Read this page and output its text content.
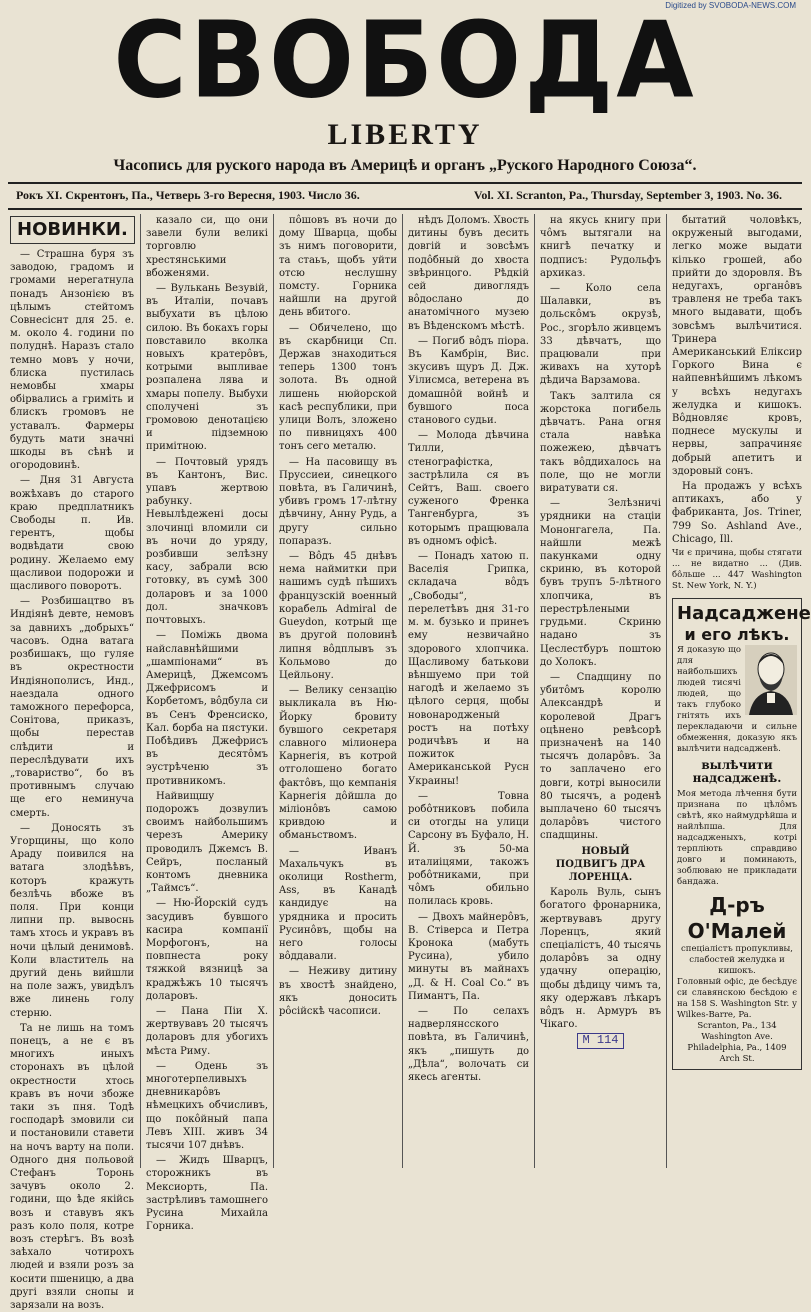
Digitized by SVOBODA-NEWS.COM
СВОБОДА
LIBERTY
Часопись для руского народа въ Америцѣ и органъ „Руского Народного Союза“.
Рокъ XI. Скрентонъ, Па., Четверь 3-го Вересня, 1903. Число 36.	Vol. XI. Scranton, Pa., Thursday, September 3, 1903. No. 36.
НОВИНКИ.

— Страшна буря зъ заводою, градомъ и громами нерегатнула понадъ Анзонією въ цѣлымъ стейтомъ Совнесіснт для 25. е. м. около 4. години по полуднѣ. Наразъ стало темно мовъ у ночи, блиска пустилась немовбы хмары обірвались а гриміть и блискъ громовъ не уставалъ. Фармеры будуть мати значні шкоды въ сѣнѣ и огородовинѣ.

— Дня 31 Августа вожѣхавъ до старого краю предплатникъ Свободы п. Ив. герентъ, щобы водвѣдати свою родину. Желаемо ему щасливои подорожи и щасливого поворотъ.

— Розбишацтво въ Индіянѣ девте, немовъ за давнихъ „добрыхъ“ часовъ. Одна ватага розбишакъ, що гуляе въ окрестности Индіянополисъ, Инд., наездала одного таможного перефорса, Сонітова, приказъ, щобы перестав слѣдити и переслѣдувати ихъ „товариство“, бо въ противнымъ случаю ще его неминуча смерть.

— Доносять зъ Угорщины, що коло Араду поивился на ватага злодѣѣвъ, которъ кражуть безлѣчь вбоже въ поля. При конци липни пр. вывоснь тамъ хтось и укравъ въ ночи цѣлый денимовѣ. Коли властитель на другий день вийшли на поле зажъ, увидѣлъ вже линень голу стерню.

Та не лишь на томъ понецъ, а не є въ многихъ иныхъ сторонахъ въ цѣлой окрестности хтось кравъ въ ночи збоже таки зъ пня. Тодѣ господарѣ змовили си и постановили ставети на ночъ варту на поли. Одного дня польовой Стефанъ Торонь зачувъ около 2. години, що ѣде якійсь возъ и ставувъ якъ разъ коло поля, котре возъ стерѣгъ. Въ возѣ заѣхало чотирохъ людей и взяли розъ за косити пшеницю, а два другі взяли снопы и зарязали на возъ.

казало си, що они завели були великі торговлю хрестянськими вбоженями.

— Вулькань Везувій, въ Италіи, почавъ выбухати въ цѣлою силою. Въ бокахъ горы повставило вколка новыхъ кратерôвъ, котрыми выпливае розпалена лява и хмары попелу. Выбухи сполучені зъ громовою денотацією и підземною примітною.

— Почтовый урядъ въ Кантонъ, Вис. упавъ жертвою рабунку. Невылѣдежені досы злочинці вломили си въ ночи до уряду, розбивши зелѣзну касу, забрали всю готовку, въ сумѣ 300 доларовъ и за 1000 дол. значковъ почтовыхъ.

— Поміжь двома найславнѣйшими „шампіонами“ въ Америцѣ, Джемсомъ Джефрисомъ и Корбетомъ, вôдбула си въ Сенъ Френсиско, Кал. борба на пястуки. Побѣдивъ Джефрисъ въ десятôмъ эустрѣченю зъ противникомъ.

Найвищшу подорожъ дозвулиъ своимъ найбольшимъ черезъ Америку проводилъ Джемсъ В. Сейръ, посланый контомъ дневника „Таймсъ“.

— Ню-Йорскій судъ засудивъ бувшого касира компанії Морфогонъ, на повпнеста року тяжкой вязницѣ за краджѣжъ 10 тысячъ доларовъ.

— Пана Піи X. жертвувавъ 20 тысячъ доларовъ для убогихъ мѣста Риму.

— Одень зъ многотерпеливыхъ дневникарôвъ нѣмецкихъ обчисливъ, що покôйный папа Левъ XIII. живъ 34 тысячи 107 днѣвъ.

— Жидъ Шварцъ, сторожникъ въ Мексиорть, Па. застрѣливъ тамошнего Русина Михайла Горника.

пôшовъ въ ночи до дому Шварца, щобы зъ нимъ поговорити, та стаьъ, щобъ уйти отсю неслушну помсту. Горника найшли на другой день вбитого.

— Обичелено, що въ скарбници Сп. Держав знаходиться теперь 1300 тонъ золота. Въ одной лишень нюйорской касѣ республики, при улици Волъ, зложено по пивницяхъ 400 тонъ сего металю.

— На пасовищу въ Пруссиеи, синецкого повѣта, въ Галичинѣ, убивъ громъ 17-лѣтну дѣвчину, Анну Рудь, а другу сильно попаразъ.

— Вôдъ 45 днѣвъ нема наймитки при нашимъ судѣ пѣшихъ французскій военный корабель Admiral de Gueydon, котрый ще въ другой половинѣ липня вôдплывъ зъ Кольмово до Цейльону.

— Велику сензацію выкликала въ Ню-Йорку бровиту бувшого секретаря славного мілионера Карнегія, въ котрой отголошено богато фактôвъ, що кемпанія Карнегія дôйшла до міліонôвъ самою кривдою и обманьствомъ.

— Иванъ Махальчукъ въ околици Rostherm, Ass, въ Канадѣ кандидує на урядника и просить Русинôвъ, щобы на него голосы вôддавали.

— Неживу дитину въ хвостѣ знайдено, якъ доносить рôсійскѣ часописи.

нѣдъ Доломъ. Хвость дитины бувъ десить довгій и зовсѣмъ подôбный до хвоста звѣринцого. Рѣдкій сей дивоглядъ вôдослано до анатомічного музею въ Вѣденскомъ мѣстѣ.

— Погиб вôдъ піора. Въ Камбрін, Вис. зкусивъ щуръ Д. Дж. Уілисмса, ветерена въ домашнôй войнѣ и бувшого поса станового судьи.

— Молода дѣвчина Тилли, стенографістка, застрѣлила ся въ Сейтъ, Ваш. своего суженого Френка Тангенбурга, зъ которымъ пращювала въ одномъ офісѣ.

— Понадъ хатою п. Васелія Грипка, складача вôдъ „Свободы“, перелетѣвъ дня 31-го м. м. бузько и принеъ ему незвичайно здорового хлопчика. Щасливому батькови вѣншуемо при той нагодѣ и желаемо зъ цѣлого серця, щобы новонародженый ростъ на потѣху родичѣвъ и на пожиток Американськой Русн Украины!

— Товна робôтниковъ побила си отогды на улици Сарсону въ Буфало, Н. Й. зъ 50-ма италиіцями, такожъ робôтниками, при чôмъ обильно полилась кровь.

— Двохъ майнерôвъ, В. Стіверса и Петра Кронока (мабуть Русина), убило минуты въ майнахъ „Д. & Н. Coal Co.“ въ Пимантъ, Па.

— По селахъ надверлянсского повѣта, въ Галичинѣ, якъ „пишуть до „Дѣла“, волочать си якесь агенты.

на якусь книгу при чôмъ вытягали на книгѣ печатку и подписъ: Рудольфъ архиказ.

— Коло села Шалавки, въ дольскôмъ окрузѣ, Рос., згорѣло живцемъ 33 дѣвчатъ, що працювали при живахъ на хуторѣ дѣдича Варзамова.

Такъ залтила ся жорстока погибель дѣвчатъ. Рана огня стала навѣка пожежею, дѣвчатъ такъ вôддихалось на поле, що не могли виратувати ся.

— Зелѣзничі урядники на стаціи Мононгагела, Па. найшли межѣ пакунками одну скриню, въ которой бувъ трупъ 5-лѣтного хлопчика, въ перестрѣлеными грудьми. Скриню надано зъ Цеслестбуръ поштою до Холокъ.

— Спадщину по убитôмъ королю Александрѣ и королевой Драгъ оцѣнено ревѣсорѣ призначенѣ на 140 тысячъ доларôвъ. За то заплачено его довги, котрі выносили 80 тысячъ, а роденѣ выплачено 60 тысячъ доларôвъ чистого спадщины.

НОВЫЙ ПОДВИГЪ ДРА ЛОРЕНЦА.

Кароль Вуль, сынъ богатого фронарника, жертвувавъ другу Лоренцъ, який спеціалістъ, 40 тысячь доларôвъ за одну удачну операцію, щобы дѣдицу чимъ та, яку одержавъ лѣкаръ вôдъ н. Армуръ въ Чікаго.

M 114

бытатий чоловѣкъ, окруженый выгодами, легко може выдати кілько грошей, або прийти до здоровля. Въ недугахъ, органôвъ травленя не треба такъ много выдавати, щобъ зовсѣмъ вылѣчитися. Тринера Американський Еліксир Горкого Вина є найпевнѣйшимъ лѣкомъ у всѣхъ недугахъ желудка и кишокъ. Вôдновляє кровъ, поднесе мускулы и нервы, запрачиняє добрый апетитъ и здоровый сонъ.

На продажъ у всѣхъ аптикахъ, або у фабриканта, Jos. Triner, 799 So. Ashland Ave., Chicago, Ill.

Чи є причина, щобы стягати ... не видатно ... (Див. бôльше ... 447 Washington St. New York, N. Y.)
Надсаджене
и его лѣкъ.
Я доказую що для найбольшихъ людей тисячі людей, що такъ глубоко гнітять ихъ перекладаючи и сильне обмеження, доказую якъ вылѣчити надсадженѣ.
вылѣчити надсадженѣ.
Моя метода лѣчення бути признана по цѣлôмъ свѣтѣ, яко наймудрѣйша и найлѣпша. Для надсадженыхъ, котрі терпліють справдиво довго и поминають, зоблюваю не прикладати бандажа.
Д-ръ О'Малей
спеціалістъ пропукливы, слабостей желудка и кишокъ.
Головный офіс, де бесѣдує си славянскою бесѣдою є на 158 S. Washington Str. у Wilkes-Barre, Pa.
Scranton, Pa., 134 Washington Ave. Philadelphia, Pa., 1409 Arch St.
